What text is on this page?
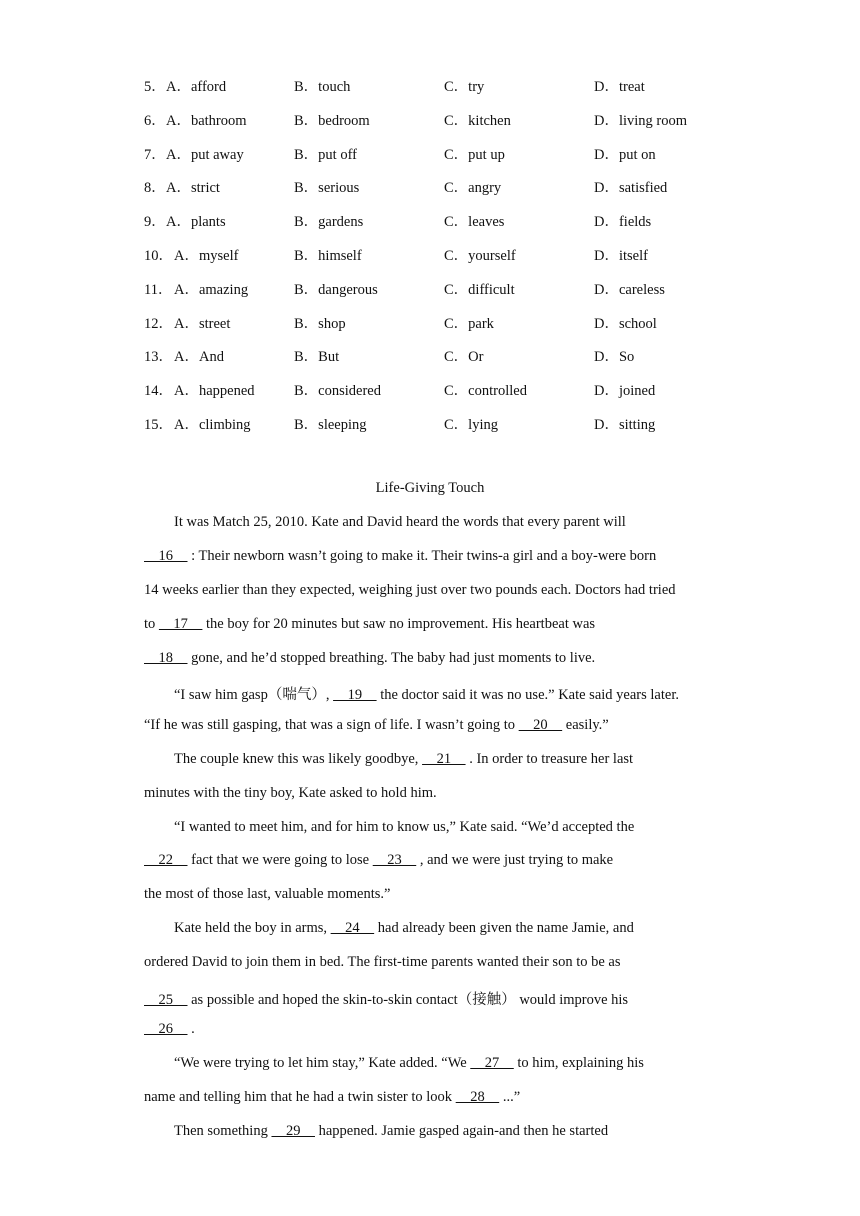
5． A．afford	B．touch	C．try	D．treat
6． A．bathroom	B．bedroom	C．kitchen	D．living room
7． A．put away	B．put off	C．put up	D．put on
8． A．strict	B．serious	C．angry	D．satisfied
9． A．plants	B．gardens	C．leaves	D．fields
10． A．myself	B．himself	C．yourself	D．itself
11． A．amazing	B．dangerous	C．difficult	D．careless
12． A．street	B．shop	C．park	D．school
13． A．And	B．But	C．Or	D．So
14． A．happened	B．considered	C．controlled	D．joined
15． A．climbing	B．sleeping	C．lying	D．sitting
Life-Giving Touch
It was Match 25, 2010. Kate and David heard the words that every parent will
16     : Their newborn wasn’t going to make it. Their twins-a girl and a boy-were born
14 weeks earlier than they expected, weighing just over two pounds each. Doctors had tried
to     17     the boy for 20 minutes but saw no improvement. His heartbeat was
18     gone, and he’d stopped breathing. The baby had just moments to live.
“I saw him gasp（喘气）,     19     the doctor said it was no use.” Kate said years later.
“If he was still gasping, that was a sign of life. I wasn’t going to     20     easily.”
The couple knew this was likely goodbye,     21     . In order to treasure her last
minutes with the tiny boy, Kate asked to hold him.
“I wanted to meet him, and for him to know us,” Kate said. “We’d accepted the
22     fact that we were going to lose     23     , and we were just trying to make
the most of those last, valuable moments.”
Kate held the boy in arms,     24     had already been given the name Jamie, and
ordered David to join them in bed. The first-time parents wanted their son to be as
25     as possible and hoped the skin-to-skin contact（接触） would improve his
26     .
“We were trying to let him stay,” Kate added. “We     27     to him, explaining his
name and telling him that he had a twin sister to look     28     ...”
Then something     29     happened. Jamie gasped again-and then he started
